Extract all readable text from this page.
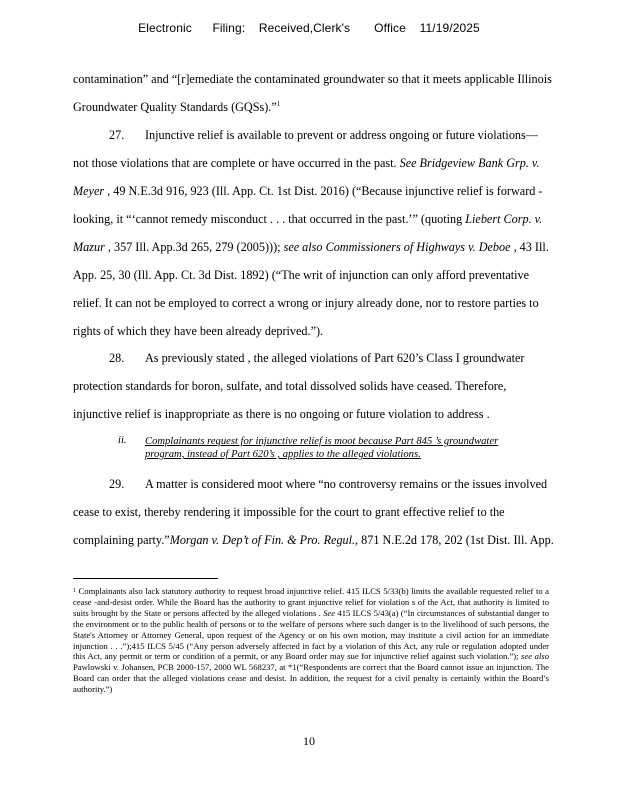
Electronic      Filing:    Received,Clerk's       Office    11/19/2025
contamination” and “[r]emediate the contaminated groundwater so that it meets applicable Illinois
Groundwater Quality Standards (GQSs).”$^1$
27. Injunctive relief is available to prevent or address ongoing or future violations—
not those violations that are complete or have occurred in the past. See Bridgeview Bank Grp. v.
Meyer , 49 N.E.3d 916, 923 (Ill. App. Ct. 1st Dist. 2016) (“Because injunctive relief is forward -
looking, it “‘cannot remedy misconduct . . . that occurred in the past.’” (quoting Liebert Corp. v.
Mazur , 357 Ill. App.3d 265, 279 (2005))); see also Commissioners of Highways v. Deboe , 43 Ill.
App. 25, 30 (Ill. App. Ct. 3d Dist. 1892) (“The writ of injunction can only afford preventative
relief. It can not be employed to correct a wrong or injury already done, nor to restore parties to
rights of which they have been already deprived.”).
28. As previously stated , the alleged violations of Part 620’s Class I groundwater
protection standards for boron, sulfate, and total dissolved solids have ceased. Therefore,
injunctive relief is inappropriate as there is no ongoing or future violation to address .
29. A matter is considered moot where “no controversy remains or the issues involved
cease to exist, thereby rendering it impossible for the court to grant effective relief to the
complaining party.”Morgan v. Dep’t of Fin. & Pro. Regul., 871 N.E.2d 178, 202 (1st Dist. Ill. App.
ii. Complainants request for injunctive relief is moot because Part 845 ’s groundwater
program, instead of Part 620’s , applies to the alleged violations.
$^1$ Complainants also lack statutory authority to request broad injunctive relief. 415 ILCS 5/33(b) limits the available requested relief to a cease -and-desist order. While the Board has the authority to grant injunctive relief for violation s of the Act, that authority is limited to suits brought by the State or persons affected by the alleged violations . See 415 ILCS 5/43(a) (“In circumstances of substantial danger to the environment or to the public health of persons or to the welfare of persons where such danger is to the livelihood of such persons, the State's Attorney or Attorney General, upon request of the Agency or on his own motion, may institute a civil action for an immediate injunction . . .”);415 ILCS 5/45 (“Any person adversely affected in fact by a violation of this Act, any rule or regulation adopted under this Act, any permit or term or condition of a permit, or any Board order may sue for injunctive relief against such violation.”); see also Pawlowski v. Johansen, PCB 2000-157, 2000 WL 568237, at *1(“Respondents are correct that the Board cannot issue an injunction. The Board can order that the alleged violations cease and desist. In addition, the request for a civil penalty is certainly within the Board’s authority.”)
10
